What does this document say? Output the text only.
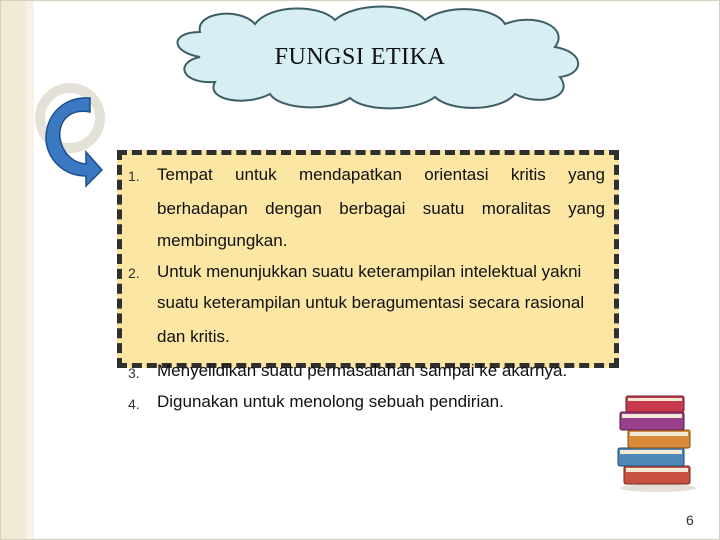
FUNGSI ETIKA
1. Tempat untuk mendapatkan orientasi kritis yang
berhadapan dengan berbagai suatu moralitas yang
membingungkan.
2. Untuk menunjukkan suatu keterampilan intelektual yakni
suatu keterampilan untuk beragumentasi secara rasional
dan kritis.
3. Menyelidikan suatu permasalahan sampai ke akarnya.
4. Digunakan untuk menolong sebuah pendirian.
6
